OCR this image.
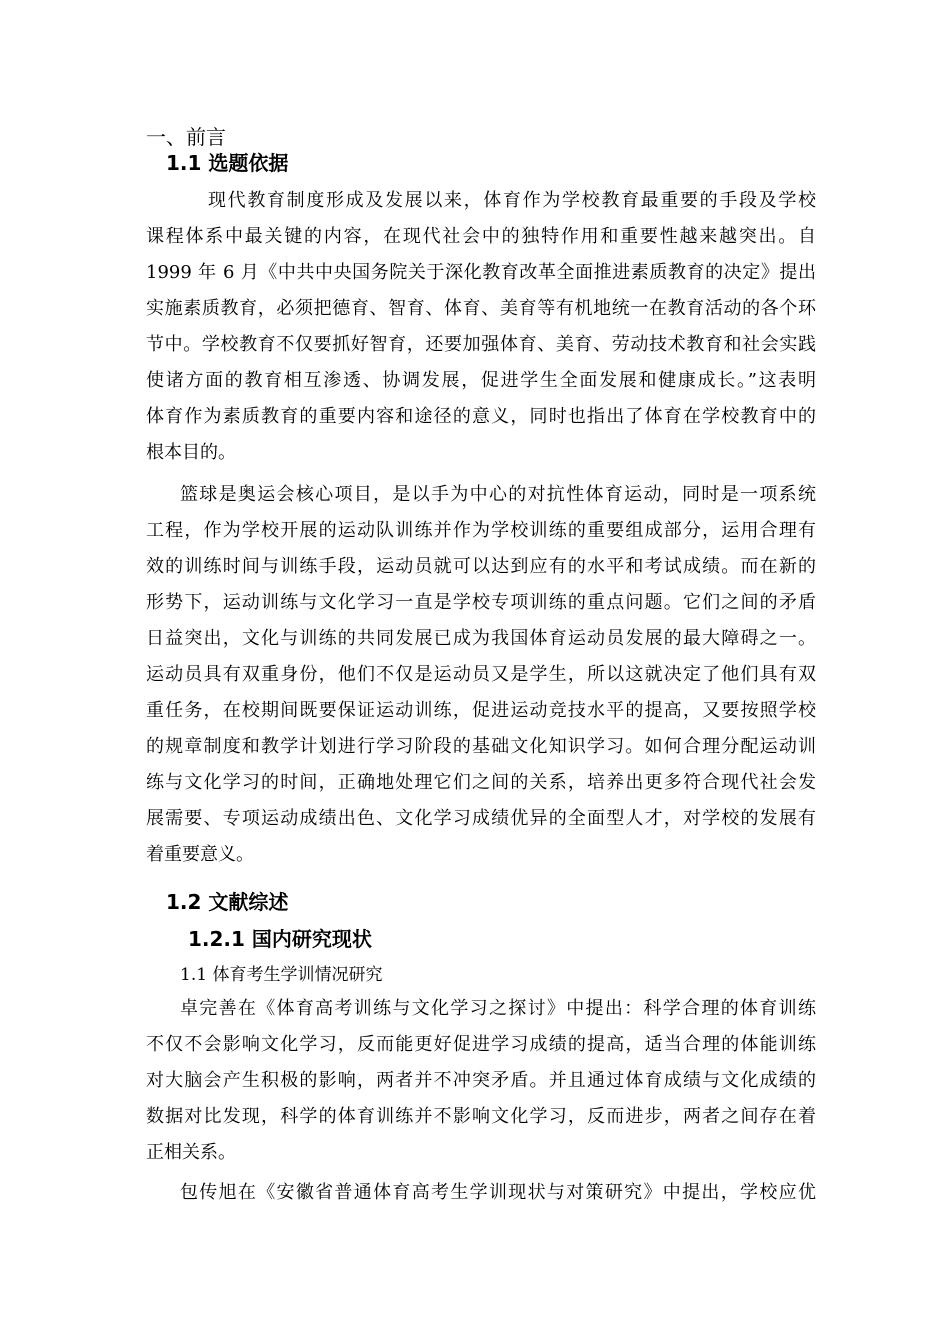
一、前言
1.1 选题依据
现代教育制度形成及发展以来，体育作为学校教育最重要的手段及学校
课程体系中最关键的内容，在现代社会中的独特作用和重要性越来越突出。自
1999 年 6 月《中共中央国务院关于深化教育改革全面推进素质教育的决定》提出
实施素质教育，必须把德育、智育、体育、美育等有机地统一在教育活动的各个环
节中。学校教育不仅要抓好智育，还要加强体育、美育、劳动技术教育和社会实践
使诸方面的教育相互渗透、协调发展，促进学生全面发展和健康成长。”这表明
体育作为素质教育的重要内容和途径的意义，同时也指出了体育在学校教育中的
根本目的。
篮球是奥运会核心项目，是以手为中心的对抗性体育运动，同时是一项系统
工程，作为学校开展的运动队训练并作为学校训练的重要组成部分，运用合理有
效的训练时间与训练手段，运动员就可以达到应有的水平和考试成绩。而在新的
形势下，运动训练与文化学习一直是学校专项训练的重点问题。它们之间的矛盾
日益突出，文化与训练的共同发展已成为我国体育运动员发展的最大障碍之一。
运动员具有双重身份，他们不仅是运动员又是学生，所以这就决定了他们具有双
重任务，在校期间既要保证运动训练，促进运动竞技水平的提高，又要按照学校
的规章制度和教学计划进行学习阶段的基础文化知识学习。如何合理分配运动训
练与文化学习的时间，正确地处理它们之间的关系，培养出更多符合现代社会发
展需要、专项运动成绩出色、文化学习成绩优异的全面型人才，对学校的发展有
着重要意义。
1.2 文献综述
1.2.1 国内研究现状
1.1 体育考生学训情况研究
卓完善在《体育高考训练与文化学习之探讨》中提出：科学合理的体育训练
不仅不会影响文化学习，反而能更好促进学习成绩的提高，适当合理的体能训练
对大脑会产生积极的影响，两者并不冲突矛盾。并且通过体育成绩与文化成绩的
数据对比发现，科学的体育训练并不影响文化学习，反而进步，两者之间存在着
正相关系。
包传旭在《安徽省普通体育高考生学训现状与对策研究》中提出，学校应优
